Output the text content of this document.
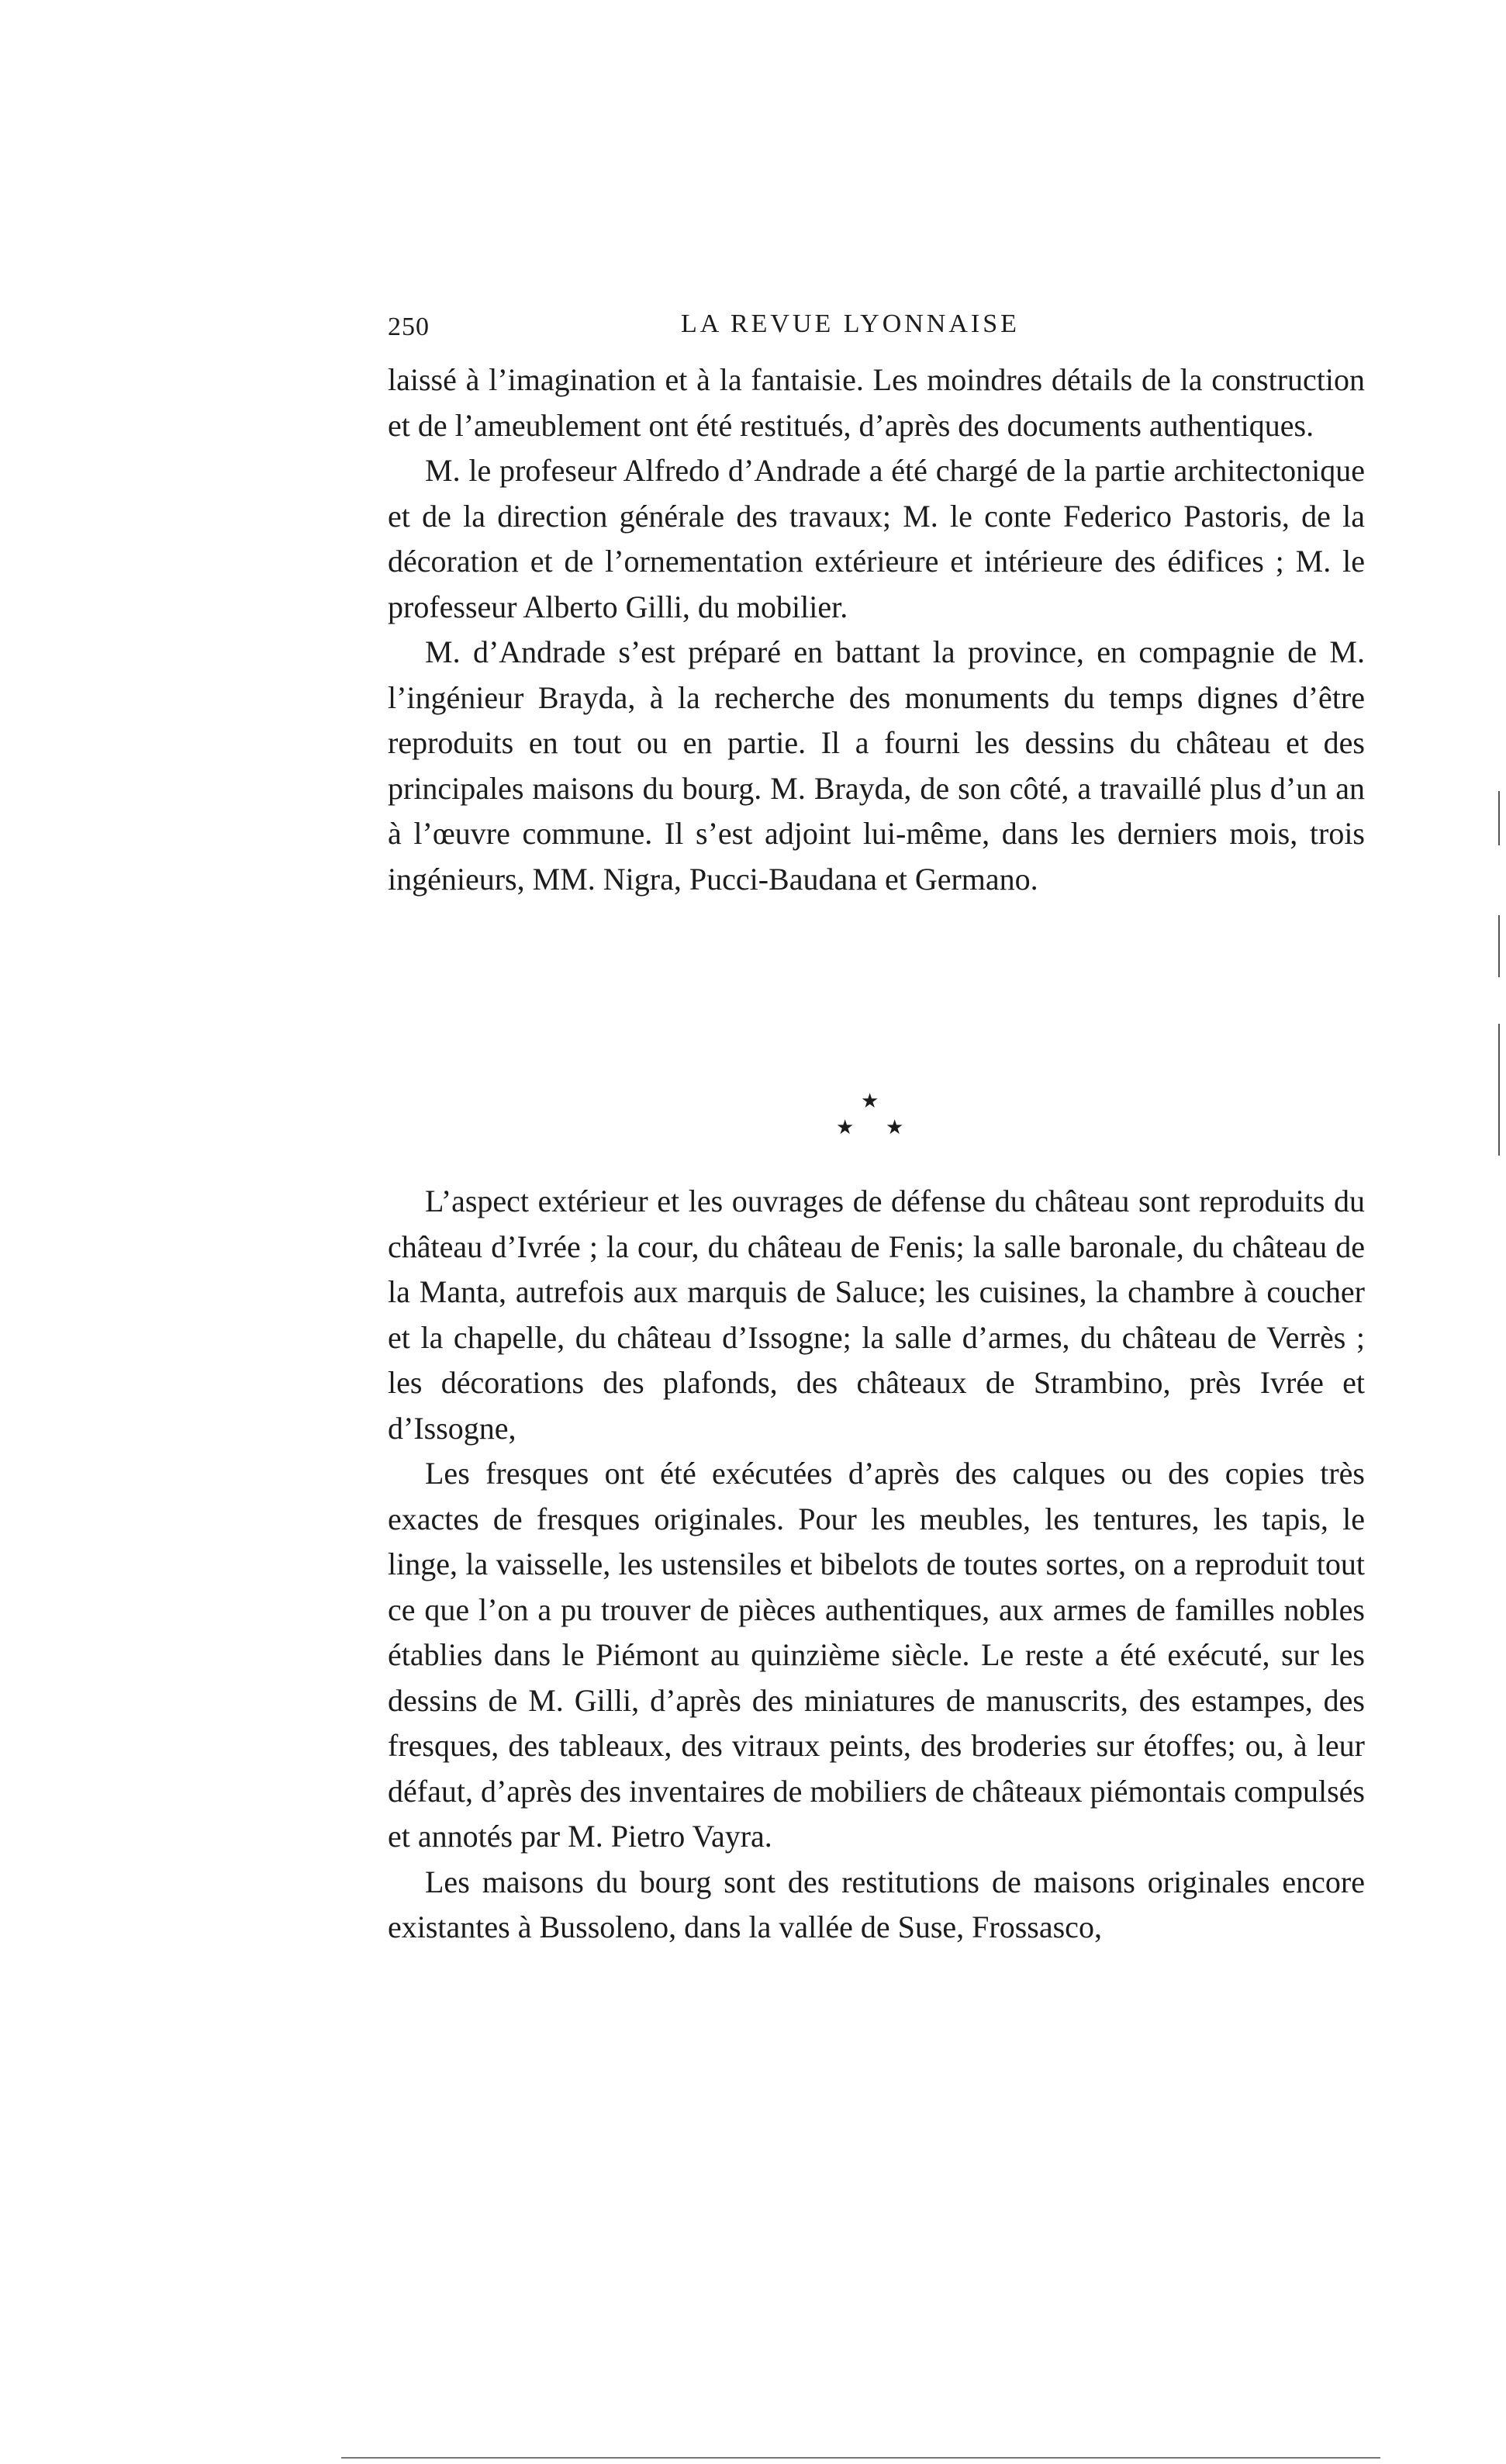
250	LA REVUE LYONNAISE

laissé à l’imagination et à la fantaisie. Les moindres détails de la construction et de l’ameublement ont été restitués, d’après des documents authentiques.

M. le profeseur Alfredo d’Andrade a été chargé de la partie architectonique et de la direction générale des travaux; M. le conte Federico Pastoris, de la décoration et de l’ornementation extérieure et intérieure des édifices ; M. le professeur Alberto Gilli, du mobilier.

M. d’Andrade s’est préparé en battant la province, en compagnie de M. l’ingénieur Brayda, à la recherche des monuments du temps dignes d’être reproduits en tout ou en partie. Il a fourni les dessins du château et des principales maisons du bourg. M. Brayda, de son côté, a travaillé plus d’un an à l’œuvre commune. Il s’est adjoint lui-même, dans les derniers mois, trois ingénieurs, MM. Nigra, Pucci-Baudana et Germano.

★
★ ★

L’aspect extérieur et les ouvrages de défense du château sont reproduits du château d’Ivrée ; la cour, du château de Fenis; la salle baronale, du château de la Manta, autrefois aux marquis de Saluce; les cuisines, la chambre à coucher et la chapelle, du château d’Issogne; la salle d’armes, du château de Verrès ; les décorations des plafonds, des châteaux de Strambino, près Ivrée et d’Issogne,

Les fresques ont été exécutées d’après des calques ou des copies très exactes de fresques originales. Pour les meubles, les tentures, les tapis, le linge, la vaisselle, les ustensiles et bibelots de toutes sortes, on a reproduit tout ce que l’on a pu trouver de pièces authentiques, aux armes de familles nobles établies dans le Piémont au quinzième siècle. Le reste a été exécuté, sur les dessins de M. Gilli, d’après des miniatures de manuscrits, des estampes, des fresques, des tableaux, des vitraux peints, des broderies sur étoffes; ou, à leur défaut, d’après des inventaires de mobiliers de châteaux piémontais compulsés et annotés par M. Pietro Vayra.

Les maisons du bourg sont des restitutions de maisons originales encore existantes à Bussoleno, dans la vallée de Suse, Frossasco,
